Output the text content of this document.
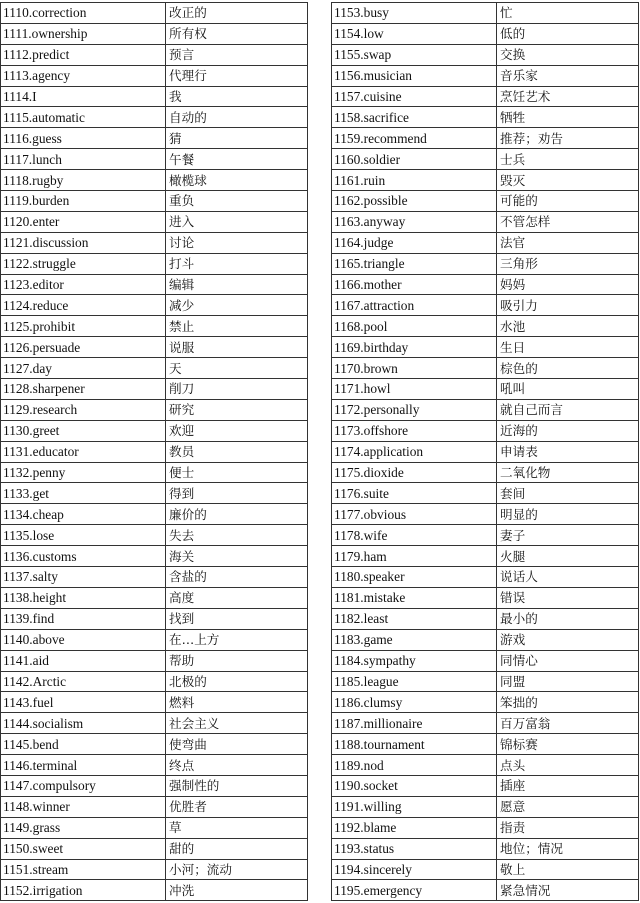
1110.correction	改正的
1111.ownership	所有权
1112.predict	预言
1113.agency	代理行
1114.I	我
1115.automatic	自动的
1116.guess	猜
1117.lunch	午餐
1118.rugby	橄榄球
1119.burden	重负
1120.enter	进入
1121.discussion	讨论
1122.struggle	打斗
1123.editor	编辑
1124.reduce	减少
1125.prohibit	禁止
1126.persuade	说服
1127.day	天
1128.sharpener	削刀
1129.research	研究
1130.greet	欢迎
1131.educator	教员
1132.penny	便士
1133.get	得到
1134.cheap	廉价的
1135.lose	失去
1136.customs	海关
1137.salty	含盐的
1138.height	高度
1139.find	找到
1140.above	在…上方
1141.aid	帮助
1142.Arctic	北极的
1143.fuel	燃料
1144.socialism	社会主义
1145.bend	使弯曲
1146.terminal	终点
1147.compulsory	强制性的
1148.winner	优胜者
1149.grass	草
1150.sweet	甜的
1151.stream	小河；流动
1152.irrigation	冲洗
1153.busy	忙
1154.low	低的
1155.swap	交换
1156.musician	音乐家
1157.cuisine	烹饪艺术
1158.sacrifice	牺牲
1159.recommend	推荐；劝告
1160.soldier	士兵
1161.ruin	毁灭
1162.possible	可能的
1163.anyway	不管怎样
1164.judge	法官
1165.triangle	三角形
1166.mother	妈妈
1167.attraction	吸引力
1168.pool	水池
1169.birthday	生日
1170.brown	棕色的
1171.howl	吼叫
1172.personally	就自己而言
1173.offshore	近海的
1174.application	申请表
1175.dioxide	二氧化物
1176.suite	套间
1177.obvious	明显的
1178.wife	妻子
1179.ham	火腿
1180.speaker	说话人
1181.mistake	错误
1182.least	最小的
1183.game	游戏
1184.sympathy	同情心
1185.league	同盟
1186.clumsy	笨拙的
1187.millionaire	百万富翁
1188.tournament	锦标赛
1189.nod	点头
1190.socket	插座
1191.willing	愿意
1192.blame	指责
1193.status	地位；情况
1194.sincerely	敬上
1195.emergency	紧急情况
